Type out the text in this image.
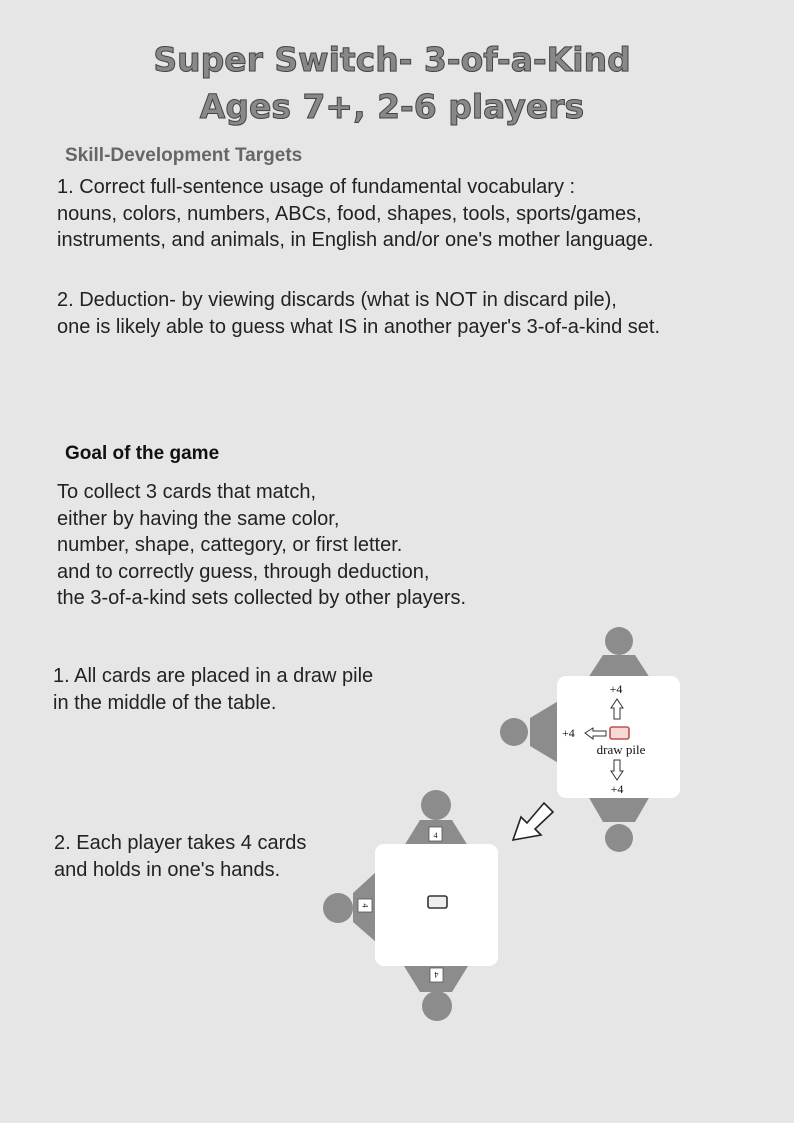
Super Switch- 3-of-a-Kind
Ages 7+, 2-6 players
Skill-Development Targets
1. Correct full-sentence usage of fundamental vocabulary :
nouns, colors, numbers, ABCs, food, shapes, tools, sports/games,
instruments, and animals, in English and/or one's mother language.
2. Deduction- by viewing discards (what is NOT in discard pile),
one is likely able to guess what IS in another payer's 3-of-a-kind set.
Goal of the game
To collect 3 cards that match,
either by having the same color,
number, shape, cattegory, or first letter.
and to correctly guess, through deduction,
the 3-of-a-kind sets collected by other players.
1. All cards are placed in a draw pile
in the middle of the table.
2. Each player takes 4 cards
and holds in one's hands.
+4
+4
draw pile
+4
4
4
4
